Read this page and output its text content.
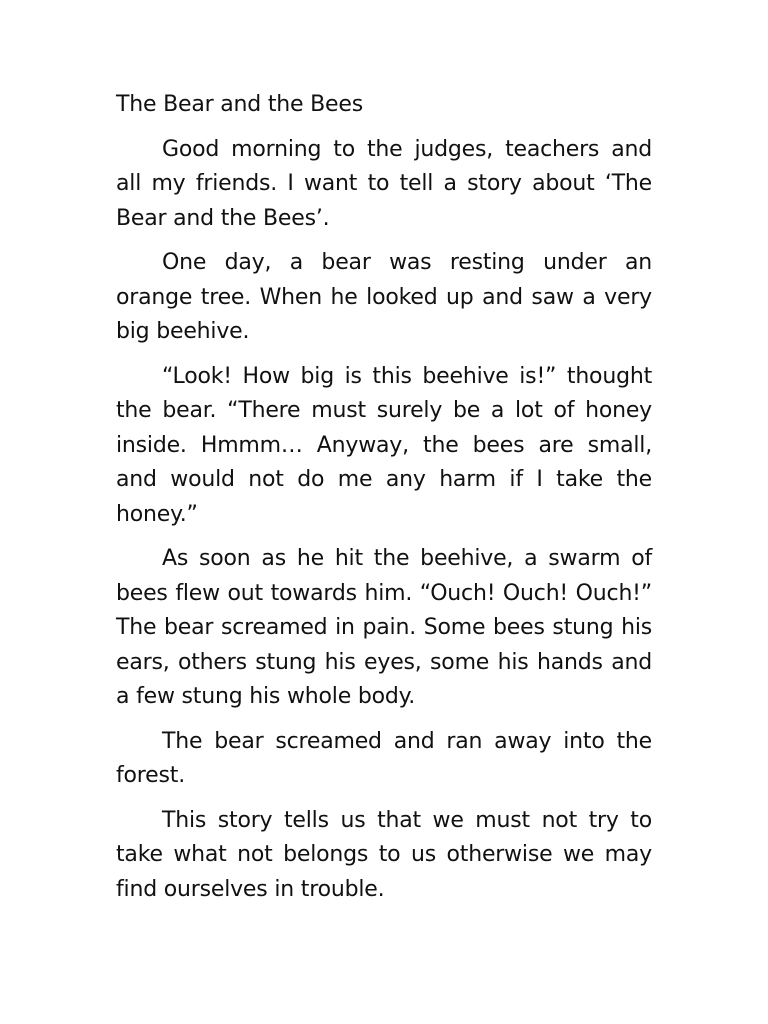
The Bear and the Bees

Good morning to the judges, teachers and all my friends. I want to tell a story about ‘The Bear and the Bees’.

One day, a bear was resting under an orange tree. When he looked up and saw a very big beehive.

“Look! How big is this beehive is!” thought the bear. “There must surely be a lot of honey inside. Hmmm… Anyway, the bees are small, and would not do me any harm if I take the honey.”

As soon as he hit the beehive, a swarm of bees flew out towards him. “Ouch! Ouch! Ouch!” The bear screamed in pain. Some bees stung his ears, others stung his eyes, some his hands and a few stung his whole body.

The bear screamed and ran away into the forest.

This story tells us that we must not try to take what not belongs to us otherwise we may find ourselves in trouble.
